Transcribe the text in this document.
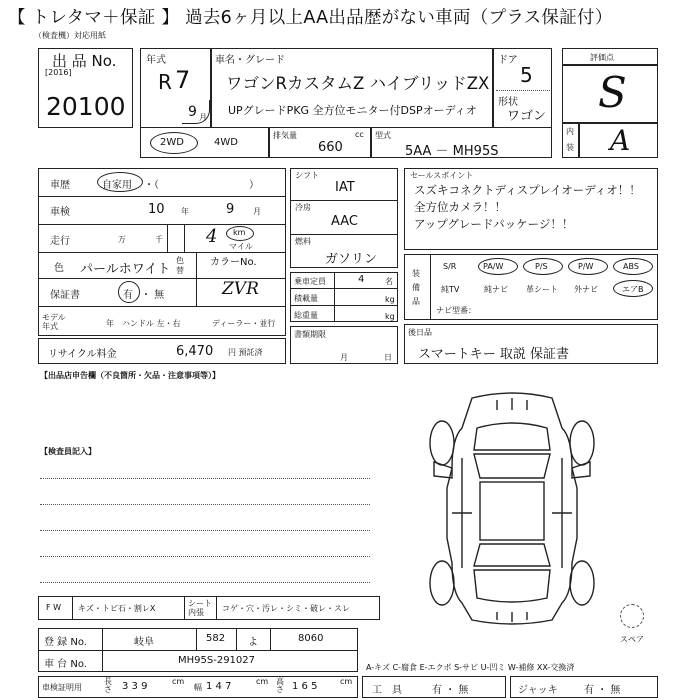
【 トレタマ＋保証 】 過去6ヶ月以上AA出品歴がない車両（プラス保証付）
（検査機）対応用紙
出 品 No.
[2016]
20100
年式
R 7
9 月
車名・グレード
ワゴンRカスタムZ ハイブリッドZX
UPグレードPKG 全方位モニター付DSPオーディオ
ドア
5
形状
ワゴン
2WD	4WD
排気量	cc
660
型式
5AA － MH95S
評価点
S
内
装 A
車歴	自家用 ・（　　　　　　　　　）
車検	10 年	9 月
走行	万	千 4 km
マイル
色 パールホワイト
色替
カラーNo.
ZVR
保証書	有 ・ 無
モデル年式	年 ハンドル 左・右	ディーラー・並行
リサイクル料金	6,470 円 預託済
シフト
IAT
冷房
AAC
燃料
ガソリン
乗車定員	4	名
積載量	kg
総重量	kg
書類期限
月	日
セールスポイント
スズキコネクトディスプレイオーディオ！！
全方位カメラ！！
アップグレードパッケージ！！
装
備
品
S/R	PA/W	P/S	P/W	ABS
純TV	純ナビ 革シート 外ナビ	エアB
ナビ型番：
後日品
スマートキー 取説 保証書
【出品店申告欄（不良箇所・欠品・注意事項等）】
【検査員記入】
スペア
F W キズ・トビ石・割レX
シート 内張	コゲ・穴・汚レ・シミ・破レ・スレ
登 録 No.	岐阜	582 よ	8060
車 台 No.	MH95S-291027
車検証明用
長さ 3 3 9	cm
幅 1 4 7	cm 高さ 1 6 5	cm
A-キズ C-腐食 E-エクボ S-サビ U-凹ミ W-補修 XX-交換済
工　具	有 ・ 無	ジャッキ	有 ・ 無
